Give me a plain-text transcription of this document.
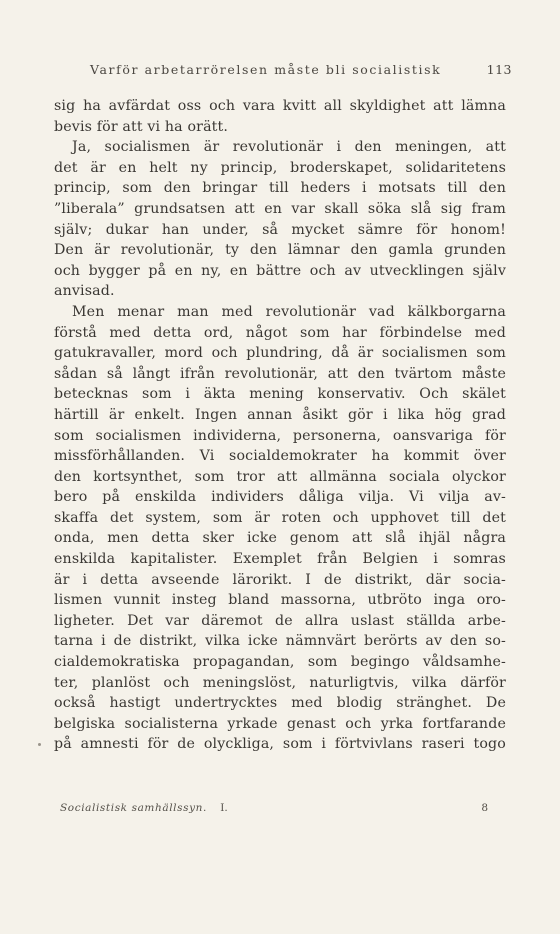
Varför arbetarrörelsen måste bli socialistisk	113
sig ha avfärdat oss och vara kvitt all skyldighet att lämna
bevis för att vi ha orätt.
Ja, socialismen är revolutionär i den meningen, att
det är en helt ny princip, broderskapet, solidaritetens
princip, som den bringar till heders i motsats till den
”liberala” grundsatsen att en var skall söka slå sig fram
själv; dukar han under, så mycket sämre för honom!
Den är revolutionär, ty den lämnar den gamla grunden
och bygger på en ny, en bättre och av utvecklingen själv
anvisad.
Men menar man med revolutionär vad kälkborgarna
förstå med detta ord, något som har förbindelse med
gatukravaller, mord och plundring, då är socialismen som
sådan så långt ifrån revolutionär, att den tvärtom måste
betecknas som i äkta mening konservativ. Och skälet
härtill är enkelt. Ingen annan åsikt gör i lika hög grad
som socialismen individerna, personerna, oansvariga för
missförhållanden. Vi socialdemokrater ha kommit över
den kortsynthet, som tror att allmänna sociala olyckor
bero på enskilda individers dåliga vilja. Vi vilja av-
skaffa det system, som är roten och upphovet till det
onda, men detta sker icke genom att slå ihjäl några
enskilda kapitalister. Exemplet från Belgien i somras
är i detta avseende lärorikt. I de distrikt, där socia-
lismen vunnit insteg bland massorna, utbröto inga oro-
ligheter. Det var däremot de allra uslast ställda arbe-
tarna i de distrikt, vilka icke nämnvärt berörts av den so-
cialdemokratiska propagandan, som begingo våldsamhe-
ter, planlöst och meningslöst, naturligtvis, vilka därför
också hastigt undertrycktes med blodig stränghet. De
belgiska socialisterna yrkade genast och yrka fortfarande
på amnesti för de olyckliga, som i förtvivlans raseri togo
Socialistisk samhällssyn. I.	8
